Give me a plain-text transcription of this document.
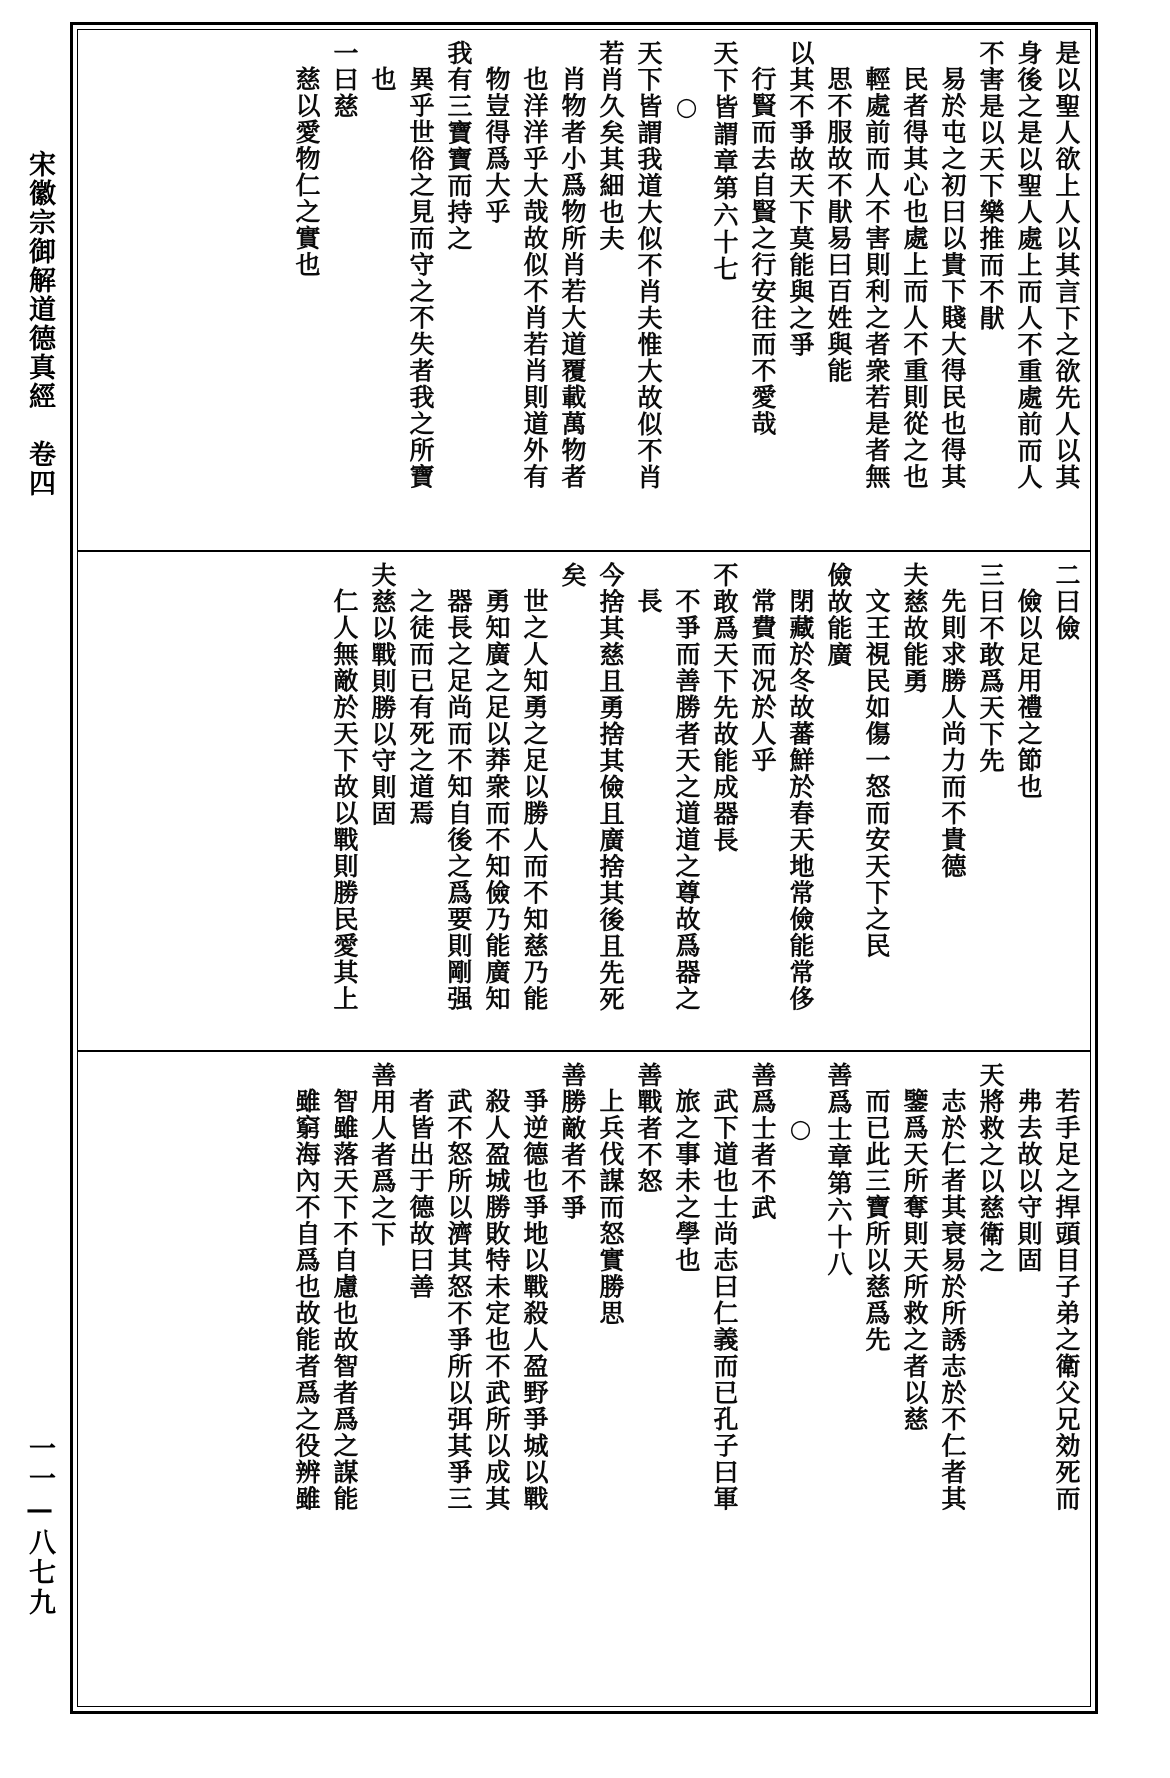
宋徽宗御解道德真經　卷四
一一—八七九
是以聖人欲上人以其言下之欲先人以其
身後之是以聖人處上而人不重處前而人
不害是以天下樂推而不猒
易於屯之初曰以貴下賤大得民也得其
民者得其心也處上而人不重則從之也
輕處前而人不害則利之者衆若是者無
思不服故不猒易曰百姓與能
以其不爭故天下莫能與之爭
行賢而去自賢之行安往而不愛哉
天下皆謂章第六十七
○
天下皆謂我道大似不肖夫惟大故似不肖
若肖久矣其細也夫
肖物者小爲物所肖若大道覆載萬物者
也洋洋乎大哉故似不肖若肖則道外有
物豈得爲大乎
我有三寶寶而持之
異乎世俗之見而守之不失者我之所寶
也
一曰慈
慈以愛物仁之實也
二曰儉
儉以足用禮之節也
三曰不敢爲天下先
先則求勝人尚力而不貴德
夫慈故能勇
文王視民如傷一怒而安天下之民
儉故能廣
閉藏於冬故蕃鮮於春天地常儉能常侈
常費而况於人乎
不敢爲天下先故能成器長
不爭而善勝者天之道道之尊故爲器之
長
今捨其慈且勇捨其儉且廣捨其後且先死
矣
世之人知勇之足以勝人而不知慈乃能
勇知廣之足以莽衆而不知儉乃能廣知
器長之足尚而不知自後之爲要則剛强
之徒而已有死之道焉
夫慈以戰則勝以守則固
仁人無敵於天下故以戰則勝民愛其上
若手足之捍頭目子弟之衛父兄効死而
弗去故以守則固
天將救之以慈衛之
志於仁者其衰易於所誘志於不仁者其
鑒爲天所奪則天所救之者以慈
而已此三寶所以慈爲先
善爲士章第六十八
○
善爲士者不武
武下道也士尚志曰仁義而已孔子曰軍
旅之事未之學也
善戰者不怒
上兵伐謀而怒實勝思
善勝敵者不爭
爭逆德也爭地以戰殺人盈野爭城以戰
殺人盈城勝敗特未定也不武所以成其
武不怒所以濟其怒不爭所以弭其爭三
者皆出于德故曰善
善用人者爲之下
智雖落天下不自慮也故智者爲之謀能
雖窮海內不自爲也故能者爲之役辨雖
